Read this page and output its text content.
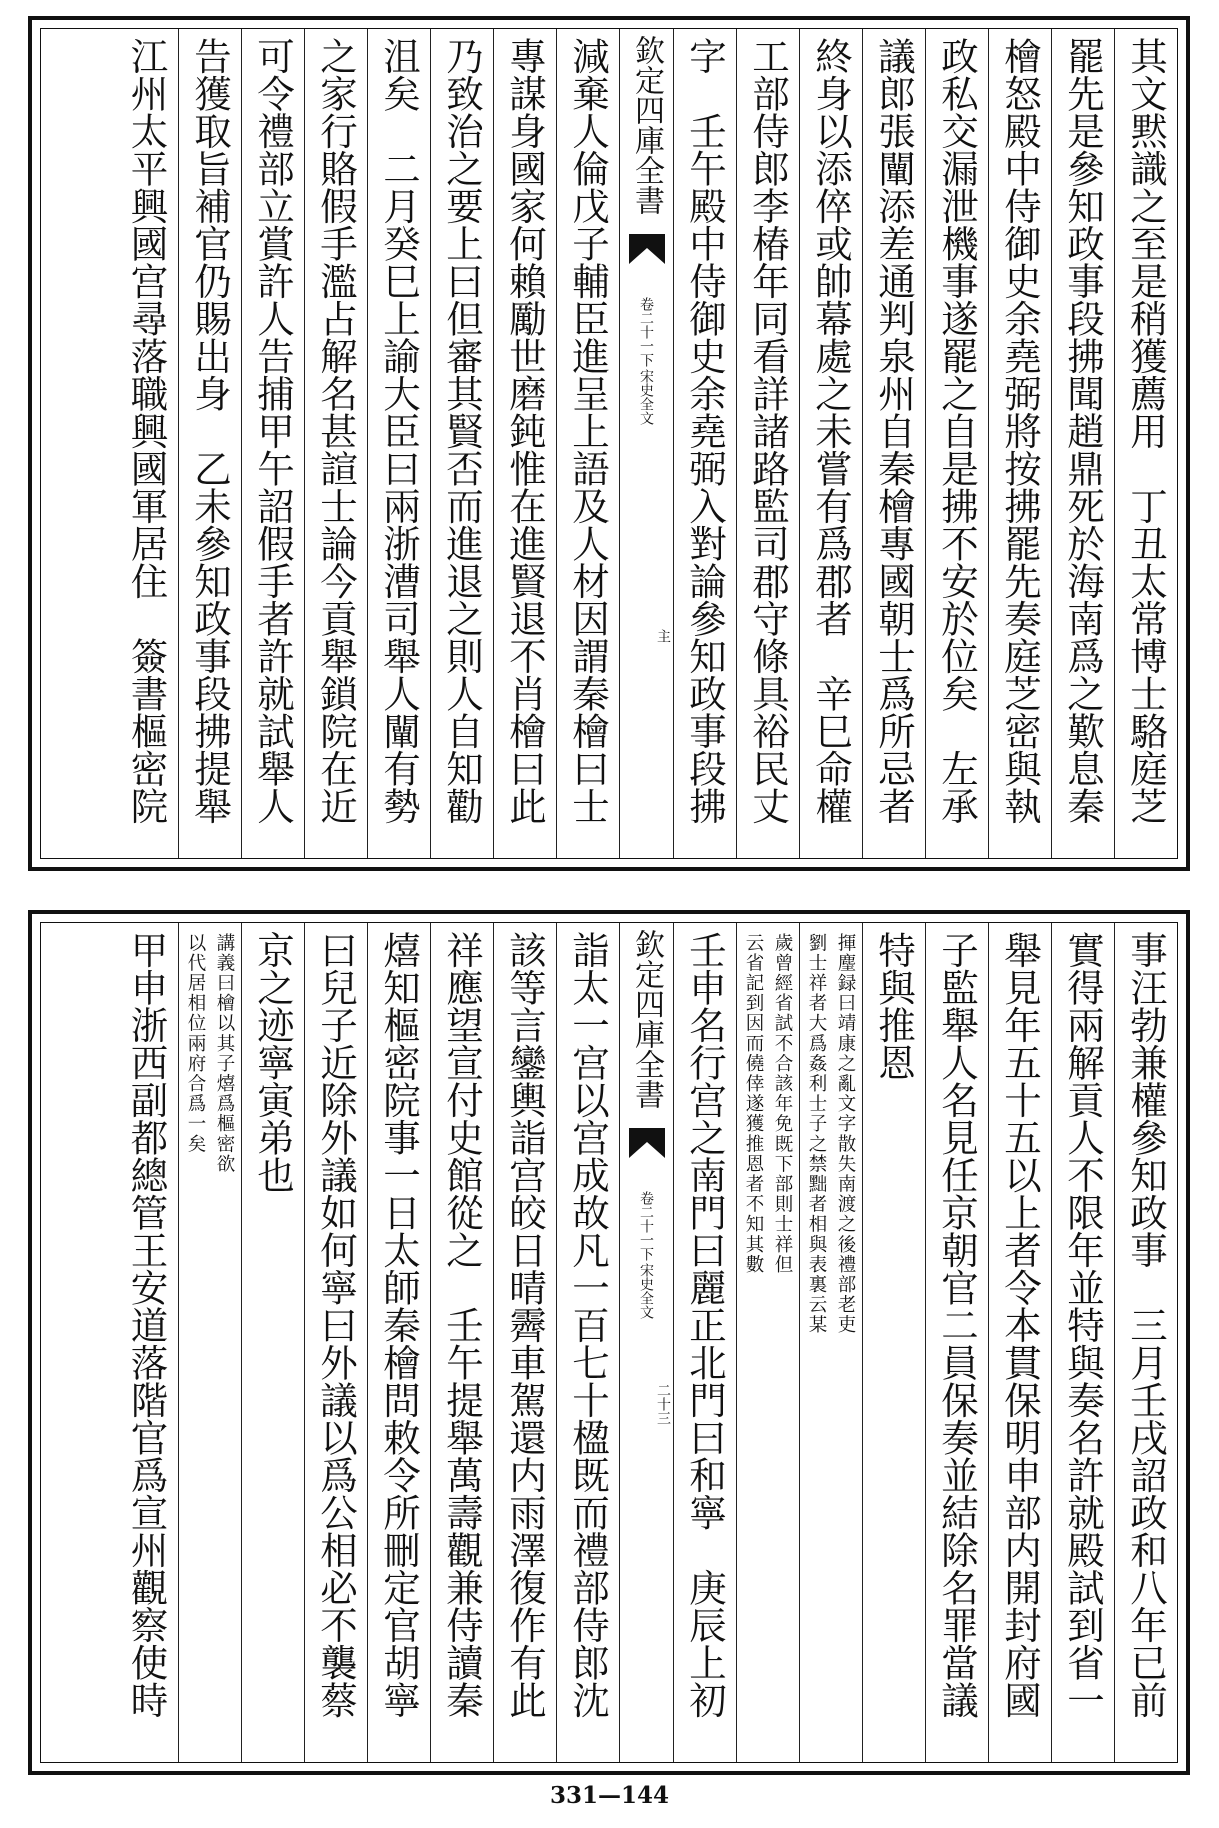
其文黙識之至是稍獲薦用　丁丑太常博士駱庭芝
罷先是參知政事段拂聞趙鼎死於海南爲之歎息秦
檜怒殿中侍御史余堯弼將按拂罷先奏庭芝密與執
政私交漏泄機事遂罷之自是拂不安於位矣　左承
議郎張闡添差通判泉州自秦檜專國朝士爲所忌者
終身以添倅或帥幕處之未嘗有爲郡者　辛巳命權
工部侍郎李椿年同看詳諸路監司郡守條具裕民丈
字　壬午殿中侍御史余堯弼入對論參知政事段拂
欽定四庫全書
卷二十一下
宋史全文
主
減棄人倫戊子輔臣進呈上語及人材因謂秦檜曰士
專謀身國家何賴勵世磨鈍惟在進賢退不肖檜曰此
乃致治之要上曰但審其賢否而進退之則人自知勸
沮矣　二月癸巳上諭大臣曰兩浙漕司舉人闡有勢
之家行賂假手濫占解名甚諠士論今貢舉鎖院在近
可令禮部立賞許人告捕甲午詔假手者許就試舉人
告獲取旨補官仍賜出身　乙未參知政事段拂提舉
江州太平興國宫尋落職興國軍居住　簽書樞密院
事汪勃兼權參知政事　三月壬戌詔政和八年已前
實得兩解貢人不限年並特與奏名許就殿試到省一
舉見年五十五以上者令本貫保明申部内開封府國
子監舉人名見任京朝官二員保奏並結除名罪當議
特與推恩
揮麈録曰靖康之亂文字散失南渡之後禮部老吏
劉士祥者大爲姦利士子之禁黜者相與表裏云某
歲曾經省試不合該年免既下部則士祥但
云省記到因而僥倖遂獲推恩者不知其數
壬申名行宫之南門曰麗正北門曰和寧　庚辰上初
欽定四庫全書
卷二十一下
宋史全文
二十三
詣太一宫以宫成故凡一百七十楹既而禮部侍郎沈
該等言鑾輿詣宫皎日晴霽車駕還内雨澤復作有此
祥應望宣付史館從之　壬午提舉萬壽觀兼侍讀秦
熺知樞密院事一日太師秦檜問敕令所刪定官胡寧
曰兒子近除外議如何寧曰外議以爲公相必不襲蔡
京之迹寧寅弟也
講義曰檜以其子熺爲樞密欲
以代居相位兩府合爲一矣
甲申浙西副都總管王安道落階官爲宣州觀察使時
331—144
